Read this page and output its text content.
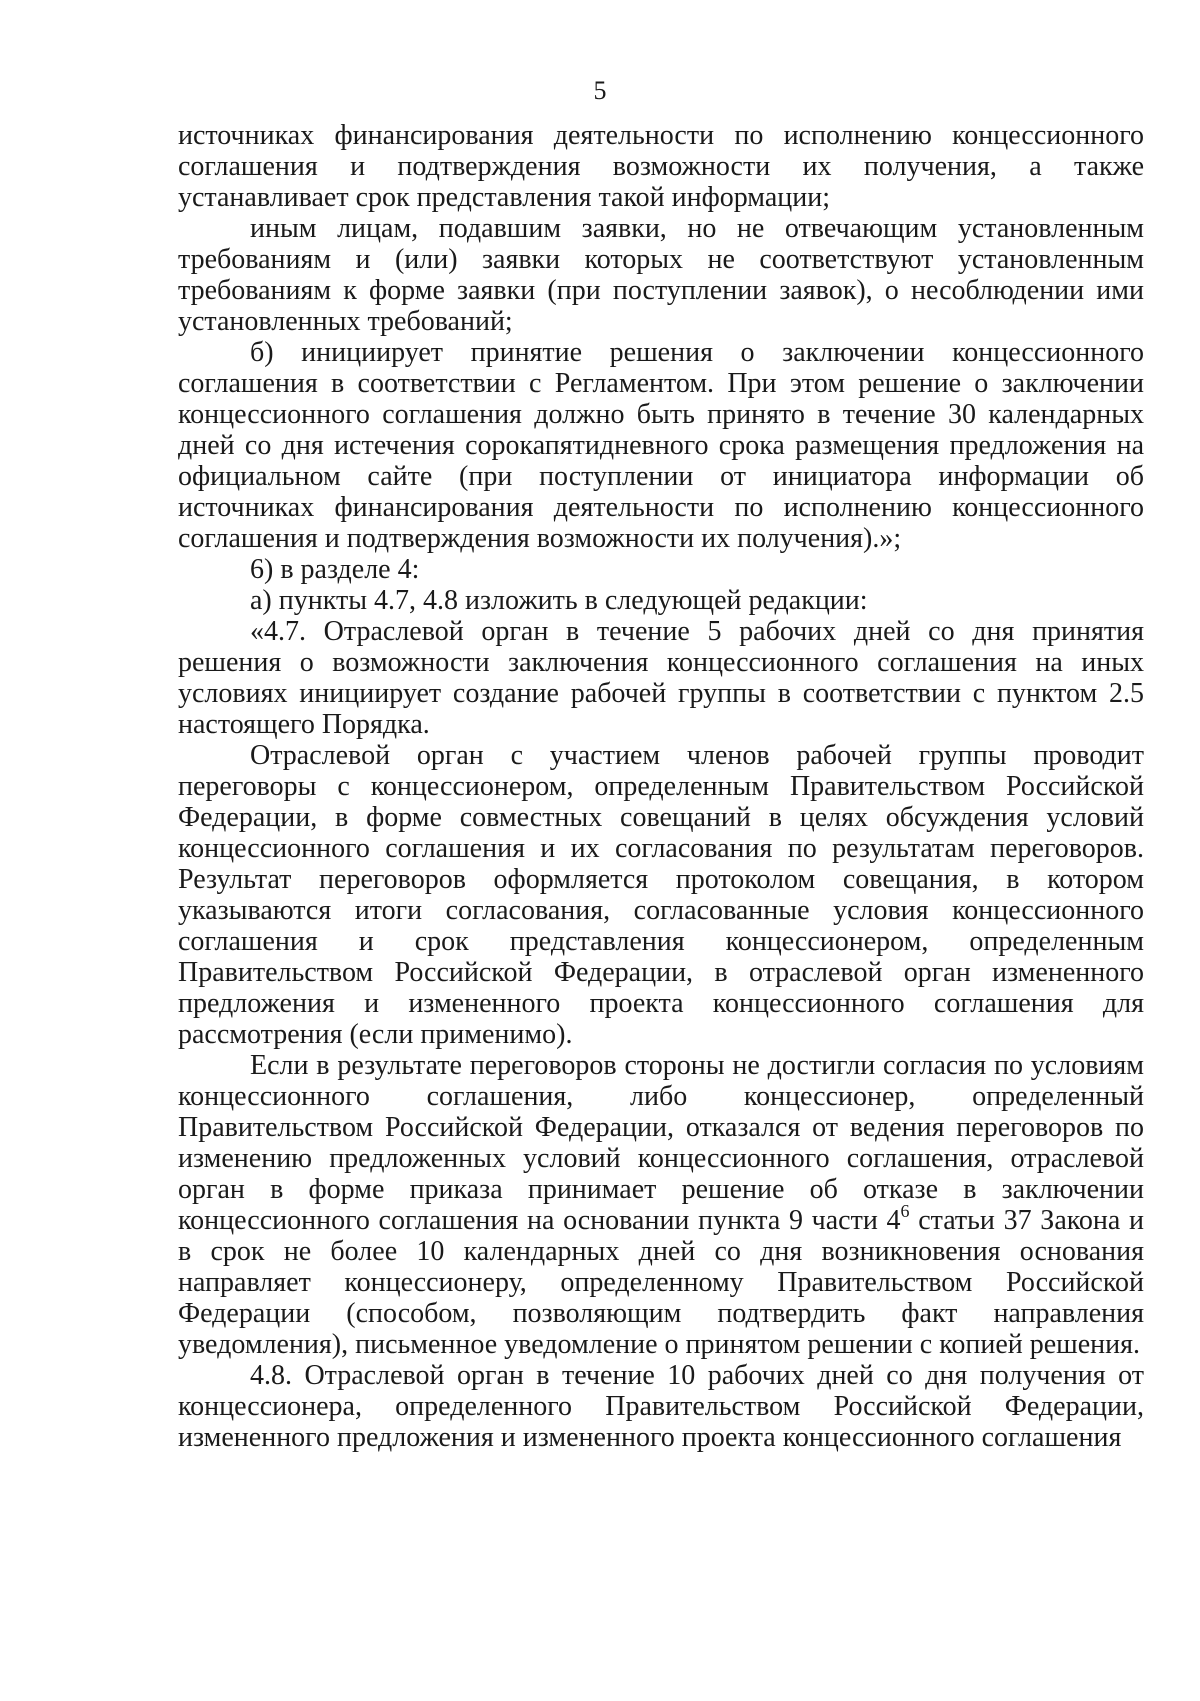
5

источниках финансирования деятельности по исполнению концессионного соглашения и подтверждения возможности их получения, а также устанавливает срок представления такой информации;

иным лицам, подавшим заявки, но не отвечающим установленным требованиям и (или) заявки которых не соответствуют установленным требованиям к форме заявки (при поступлении заявок), о несоблюдении ими установленных требований;

б) инициирует принятие решения о заключении концессионного соглашения в соответствии с Регламентом. При этом решение о заключении концессионного соглашения должно быть принято в течение 30 календарных дней со дня истечения сорокапятидневного срока размещения предложения на официальном сайте (при поступлении от инициатора информации об источниках финансирования деятельности по исполнению концессионного соглашения и подтверждения возможности их получения).»;

6) в разделе 4:

а) пункты 4.7, 4.8 изложить в следующей редакции:

«4.7. Отраслевой орган в течение 5 рабочих дней со дня принятия решения о возможности заключения концессионного соглашения на иных условиях инициирует создание рабочей группы в соответствии с пунктом 2.5 настоящего Порядка.

Отраслевой орган с участием членов рабочей группы проводит переговоры с концессионером, определенным Правительством Российской Федерации, в форме совместных совещаний в целях обсуждения условий концессионного соглашения и их согласования по результатам переговоров. Результат переговоров оформляется протоколом совещания, в котором указываются итоги согласования, согласованные условия концессионного соглашения и срок представления концессионером, определенным Правительством Российской Федерации, в отраслевой орган измененного предложения и измененного проекта концессионного соглашения для рассмотрения (если применимо).

Если в результате переговоров стороны не достигли согласия по условиям концессионного соглашения, либо концессионер, определенный Правительством Российской Федерации, отказался от ведения переговоров по изменению предложенных условий концессионного соглашения, отраслевой орган в форме приказа принимает решение об отказе в заключении концессионного соглашения на основании пункта 9 части $4^6$ статьи 37 Закона и в срок не более 10 календарных дней со дня возникновения основания направляет концессионеру, определенному Правительством Российской Федерации (способом, позволяющим подтвердить факт направления уведомления), письменное уведомление о принятом решении с копией решения.

4.8. Отраслевой орган в течение 10 рабочих дней со дня получения от концессионера, определенного Правительством Российской Федерации, измененного предложения и измененного проекта концессионного соглашения
